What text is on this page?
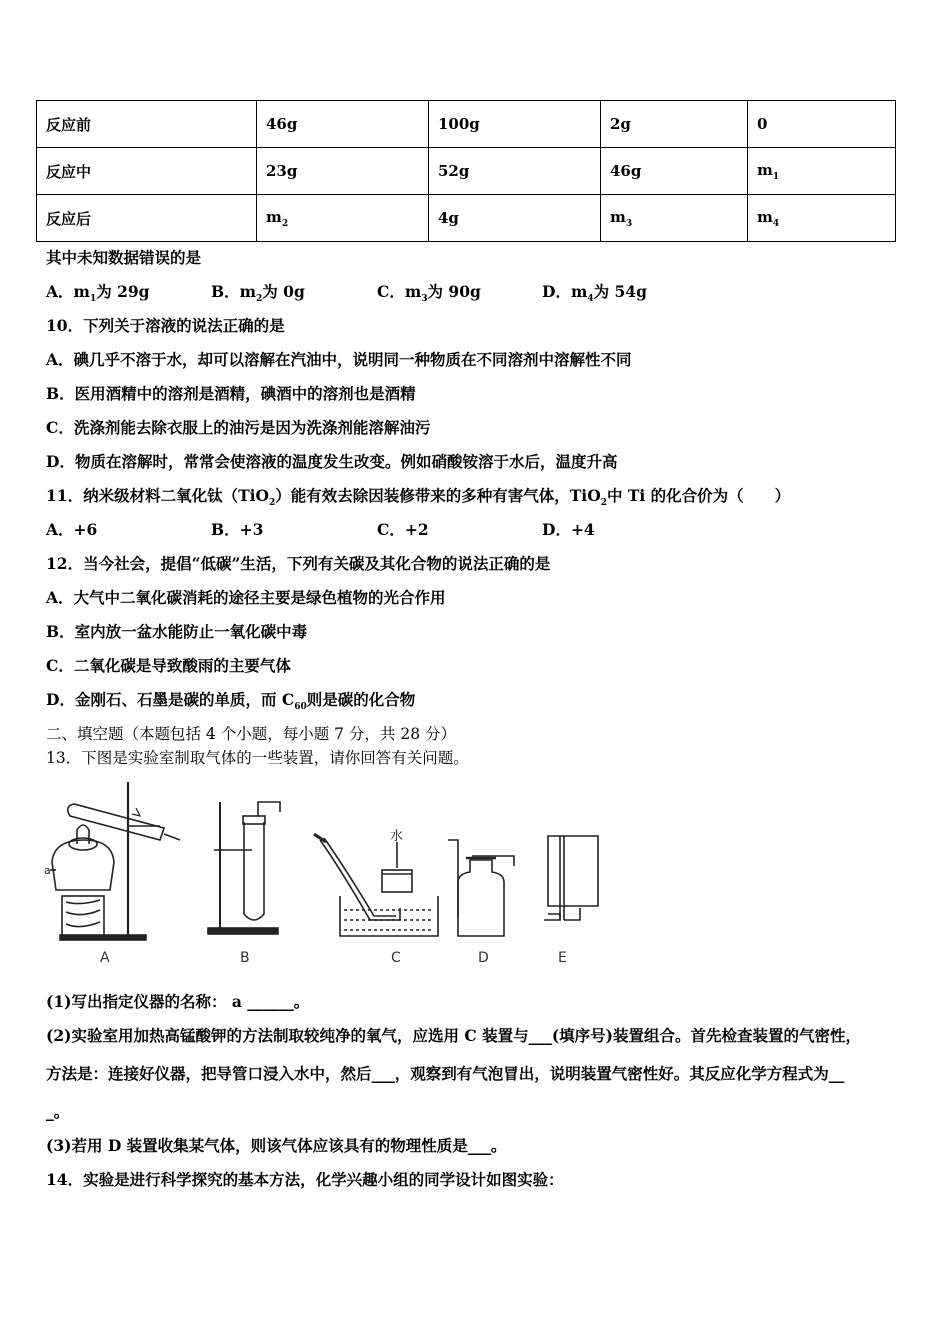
反应前	46g	100g	2g	0
反应中	23g	52g	46g	$m_1$
反应后	$m_2$	4g	$m_3$	$m_4$
其中未知数据错误的是
A．$m_1$为 29g	B．$m_2$为 0g	C．$m_3$为 90g	D．$m_4$为 54g
10．下列关于溶液的说法正确的是
A．碘几乎不溶于水，却可以溶解在汽油中，说明同一种物质在不同溶剂中溶解性不同
B．医用酒精中的溶剂是酒精，碘酒中的溶剂也是酒精
C．洗涤剂能去除衣服上的油污是因为洗涤剂能溶解油污
D．物质在溶解时，常常会使溶液的温度发生改变。例如硝酸铵溶于水后，温度升高
11．纳米级材料二氧化钛（TiO$_2$）能有效去除因装修带来的多种有害气体，TiO$_2$中 Ti 的化合价为（　　）
A．+6	B．+3	C．+2	D．+4
12．当今社会，提倡“低碳”生活，下列有关碳及其化合物的说法正确的是
A．大气中二氧化碳消耗的途径主要是绿色植物的光合作用
B．室内放一盆水能防止一氧化碳中毒
C．二氧化碳是导致酸雨的主要气体
D．金刚石、石墨是碳的单质，而 $C_{60}$则是碳的化合物
二、填空题（本题包括 4 个小题，每小题 7 分，共 28 分）
13．下图是实验室制取气体的一些装置，请你回答有关问题。
a
水
A	B	C	D	E
(1)写出指定仪器的名称： a ______。
(2)实验室用加热高锰酸钾的方法制取较纯净的氧气，应选用 C 装置与___(填序号)装置组合。首先检查装置的气密性，
方法是：连接好仪器，把导管口浸入水中，然后___，观察到有气泡冒出，说明装置气密性好。其反应化学方程式为__
_。
(3)若用 D 装置收集某气体，则该气体应该具有的物理性质是___。
14．实验是进行科学探究的基本方法，化学兴趣小组的同学设计如图实验：
